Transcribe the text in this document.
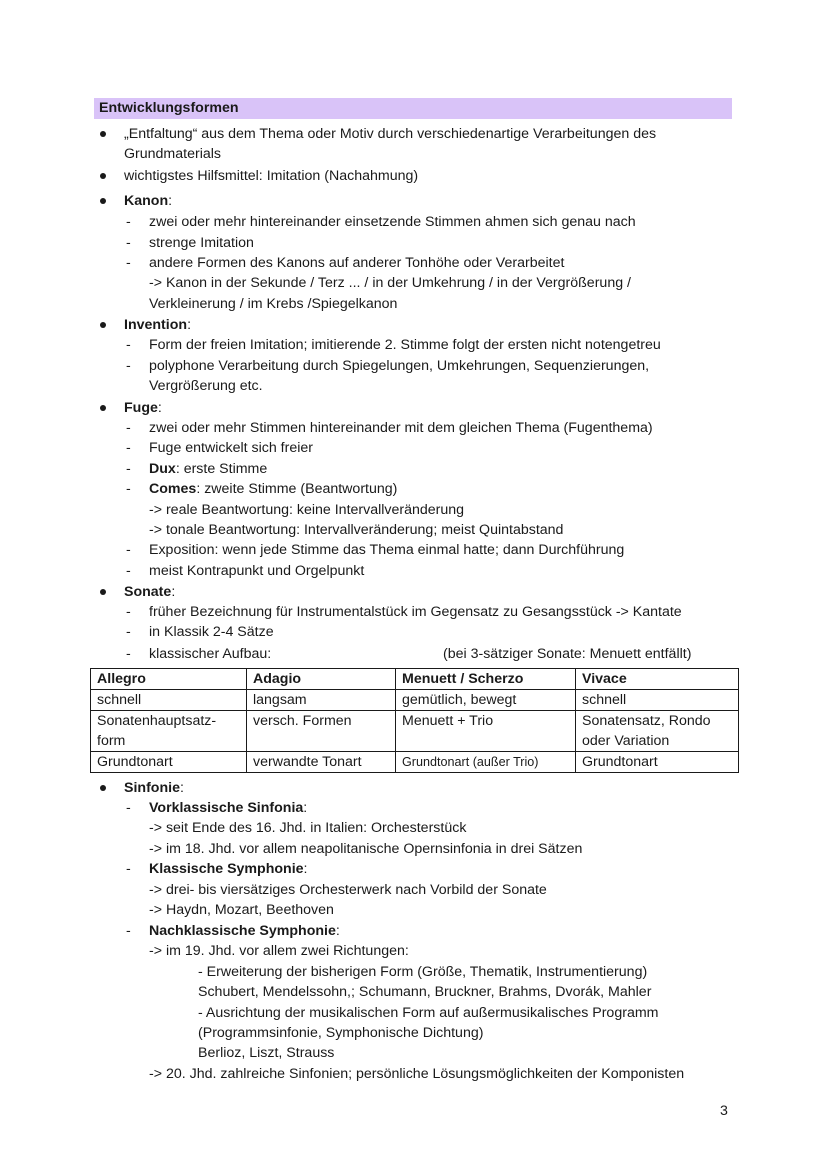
Entwicklungsformen
„Entfaltung“ aus dem Thema oder Motiv durch verschiedenartige Verarbeitungen des
Grundmaterials
wichtigstes Hilfsmittel: Imitation (Nachahmung)
Kanon:
- zwei oder mehr hintereinander einsetzende Stimmen ahmen sich genau nach
- strenge Imitation
- andere Formen des Kanons auf anderer Tonhöhe oder Verarbeitet
-> Kanon in der Sekunde / Terz ... / in der Umkehrung / in der Vergrößerung /
Verkleinerung / im Krebs /Spiegelkanon
Invention:
- Form der freien Imitation; imitierende 2. Stimme folgt der ersten nicht notengetreu
- polyphone Verarbeitung durch Spiegelungen, Umkehrungen, Sequenzierungen,
Vergrößerung etc.
Fuge:
- zwei oder mehr Stimmen hintereinander mit dem gleichen Thema (Fugenthema)
- Fuge entwickelt sich freier
- Dux: erste Stimme
- Comes: zweite Stimme (Beantwortung)
-> reale Beantwortung: keine Intervallveränderung
-> tonale Beantwortung: Intervallveränderung; meist Quintabstand
- Exposition: wenn jede Stimme das Thema einmal hatte; dann Durchführung
- meist Kontrapunkt und Orgelpunkt
Sonate:
- früher Bezeichnung für Instrumentalstück im Gegensatz zu Gesangsstück -> Kantate
- in Klassik 2-4 Sätze
- klassischer Aufbau:	(bei 3-sätziger Sonate: Menuett entfällt)
Allegro	Adagio	Menuett / Scherzo	Vivace
schnell	langsam	gemütlich, bewegt	schnell
Sonatenhauptsatz-
form	versch. Formen	Menuett + Trio	Sonatensatz, Rondo
oder Variation
Grundtonart	verwandte Tonart	Grundtonart (außer Trio)	Grundtonart
Sinfonie:
- Vorklassische Sinfonia:
-> seit Ende des 16. Jhd. in Italien: Orchesterstück
-> im 18. Jhd. vor allem neapolitanische Opernsinfonia in drei Sätzen
- Klassische Symphonie:
-> drei- bis viersätziges Orchesterwerk nach Vorbild der Sonate
-> Haydn, Mozart, Beethoven
- Nachklassische Symphonie:
-> im 19. Jhd. vor allem zwei Richtungen:
- Erweiterung der bisherigen Form (Größe, Thematik, Instrumentierung)
Schubert, Mendelssohn,; Schumann, Bruckner, Brahms, Dvorák, Mahler
- Ausrichtung der musikalischen Form auf außermusikalisches Programm
(Programmsinfonie, Symphonische Dichtung)
Berlioz, Liszt, Strauss
-> 20. Jhd. zahlreiche Sinfonien; persönliche Lösungsmöglichkeiten der Komponisten
3
